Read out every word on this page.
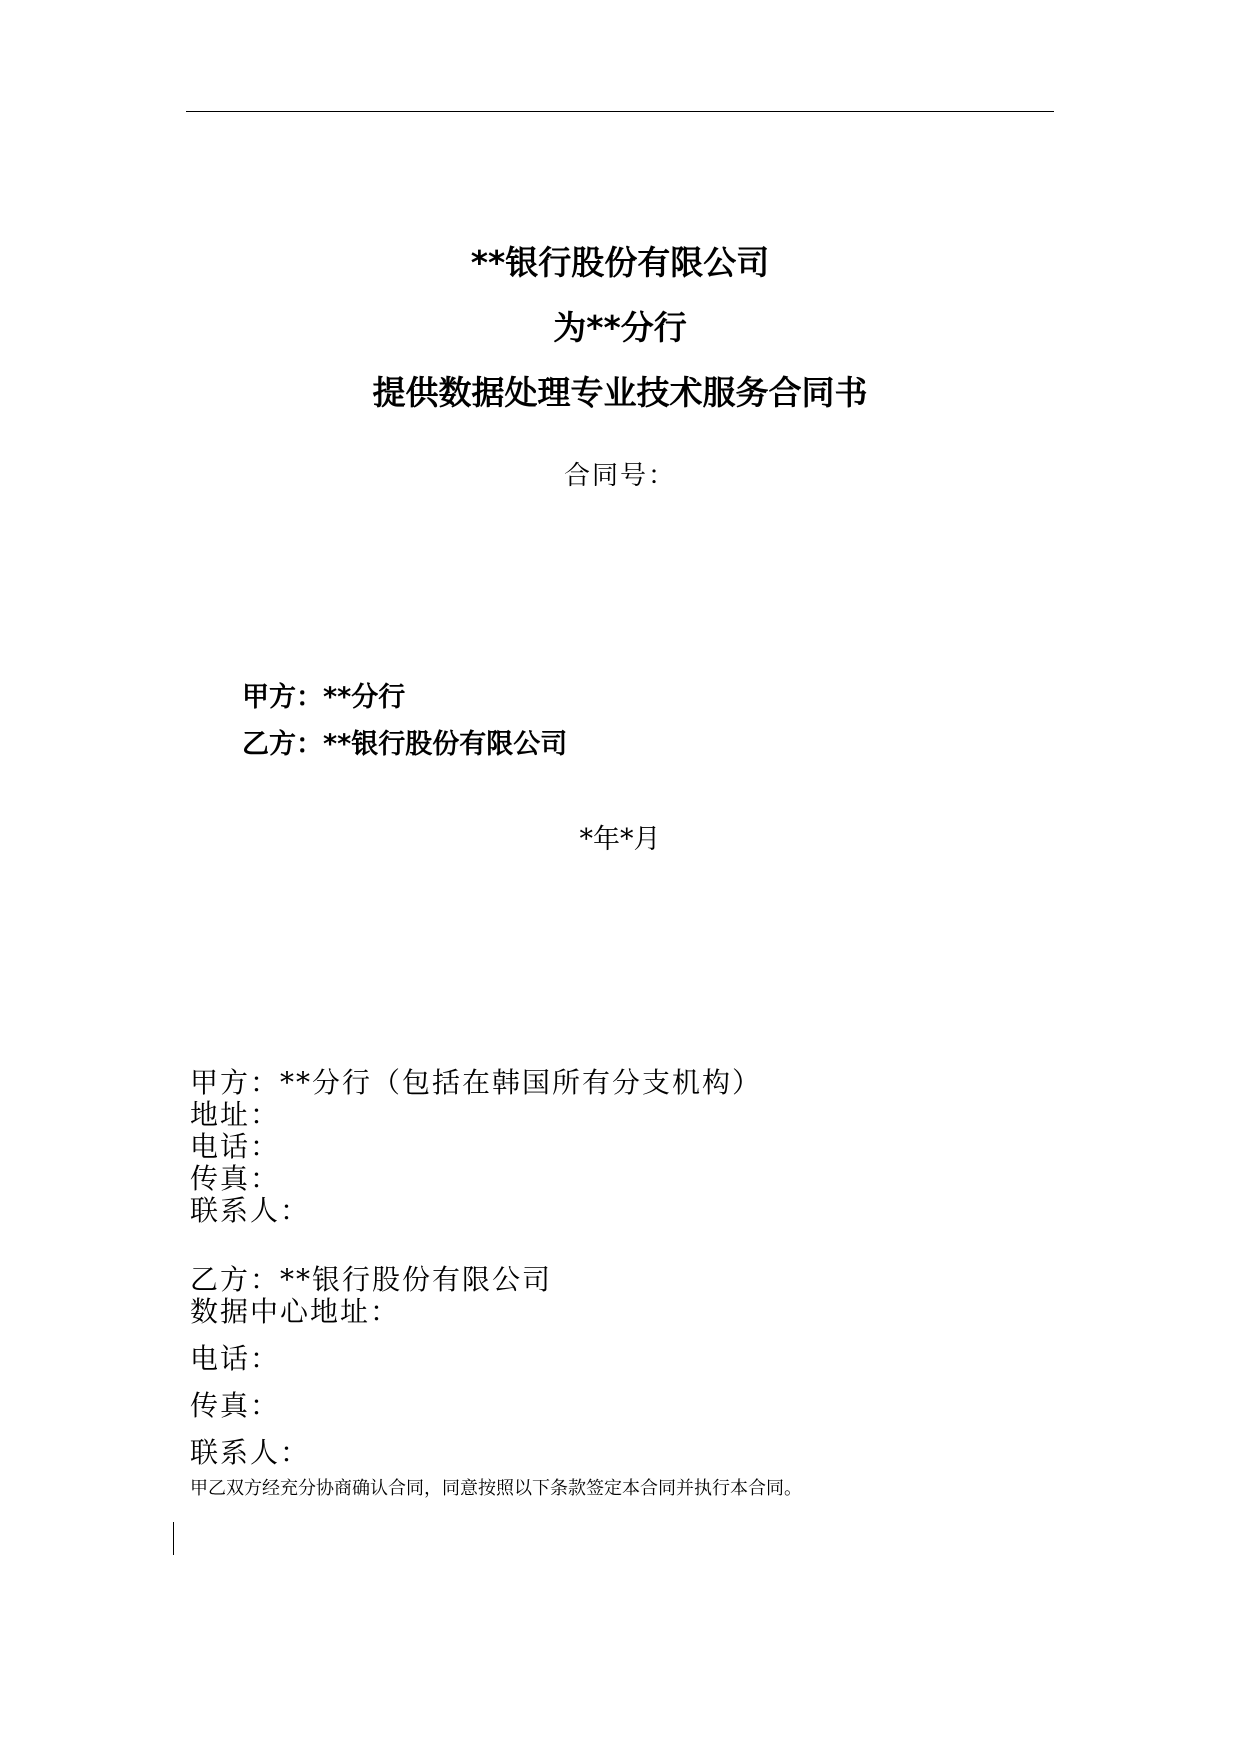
**银行股份有限公司
为**分行
提供数据处理专业技术服务合同书
合同号：
甲方：**分行
乙方：**银行股份有限公司
*年*月
甲方：**分行（包括在韩国所有分支机构）
地址：
电话：
传真：
联系人：
乙方：**银行股份有限公司
数据中心地址：
电话：
传真：
联系人：
甲乙双方经充分协商确认合同，同意按照以下条款签定本合同并执行本合同。
